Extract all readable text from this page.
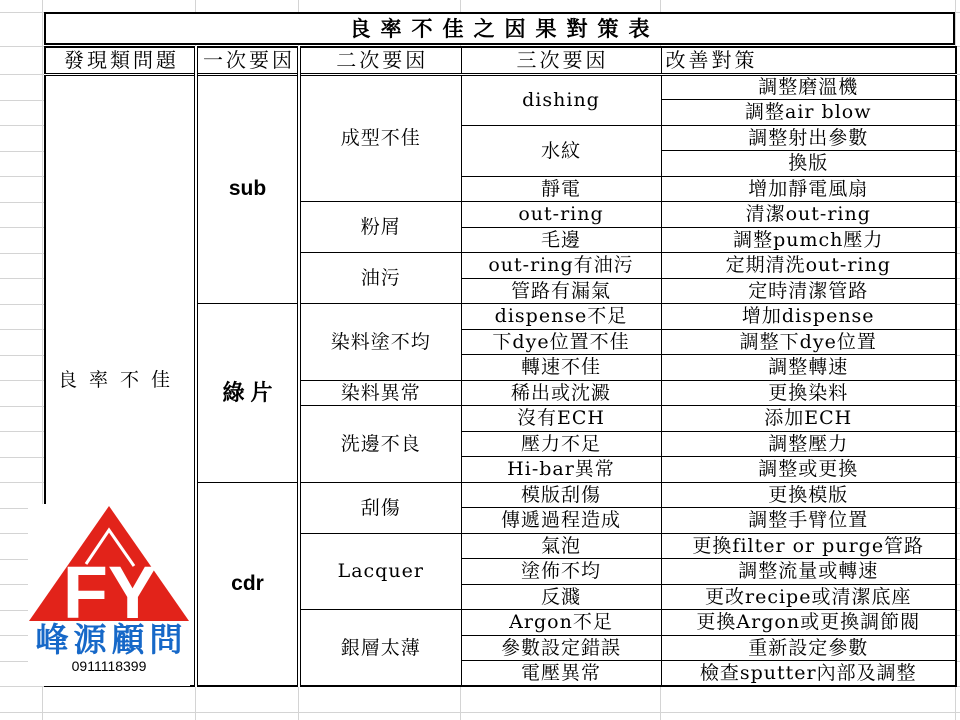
良率不佳之因果對策表
發現類問題	一次要因	二次要因	三次要因	改善對策
良率不佳	sub	成型不佳	dishing	調整磨溫機
				調整air blow
			水紋	調整射出參數
				換版
			靜電	增加靜電風扇
		粉屑	out-ring	清潔out-ring
			毛邊	調整pumch壓力
		油污	out-ring有油污	定期清洗out-ring
			管路有漏氣	定時清潔管路
	綠片	染料塗不均	dispense不足	增加dispense
			下dye位置不佳	調整下dye位置
			轉速不佳	調整轉速
		染料異常	稀出或沈澱	更換染料
		洗邊不良	沒有ECH	添加ECH
			壓力不足	調整壓力
			Hi-bar異常	調整或更換
	cdr	刮傷	模版刮傷	更換模版
			傳遞過程造成	調整手臂位置
		Lacquer	氣泡	更換filter or purge管路
			塗佈不均	調整流量或轉速
			反濺	更改recipe或清潔底座
		銀層太薄	Argon不足	更換Argon或更換調節閥
			參數設定錯誤	重新設定參數
			電壓異常	檢查sputter內部及調整
FY
峰源顧問
0911118399
